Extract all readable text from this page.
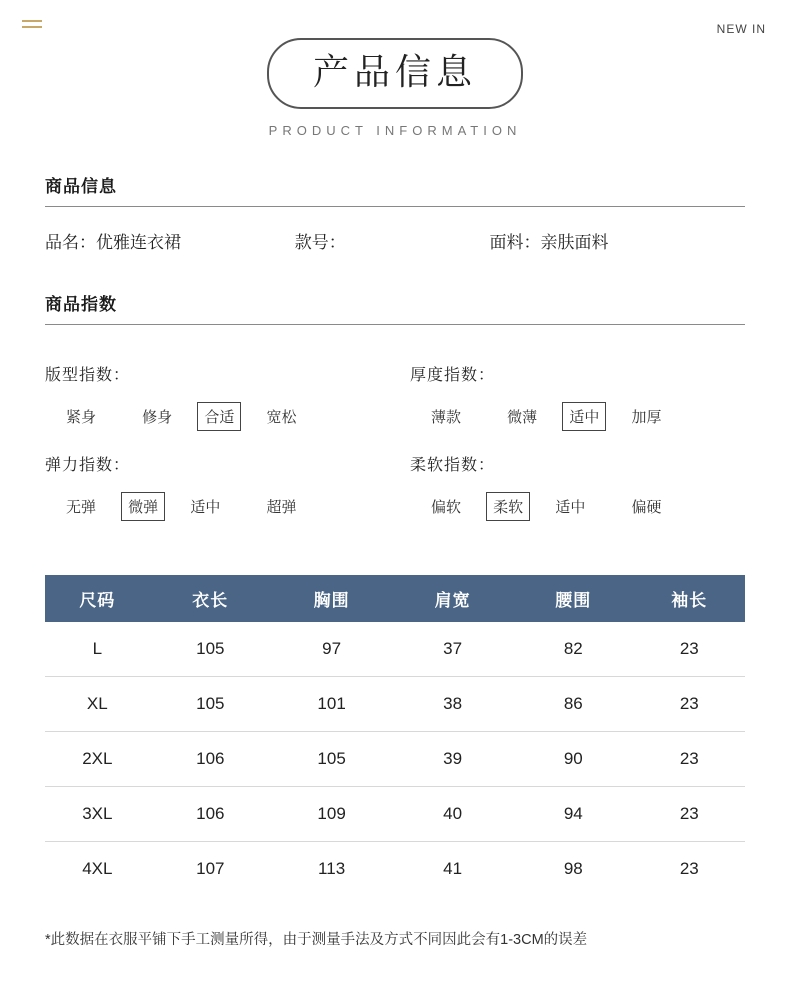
NEW IN
产品信息
PRODUCT INFORMATION
商品信息
品名：优雅连衣裙	款号：	面料：亲肤面料
商品指数
版型指数：
紧身	修身 合适 宽松
厚度指数：
薄款	微薄 适中 加厚
弹力指数：
无弹 微弹 适中	超弹
柔软指数：
偏软 柔软 适中	偏硬
尺码	衣长	胸围	肩宽	腰围	袖长
L	105	97	37	82	23
XL	105	101	38	86	23
2XL	106	105	39	90	23
3XL	106	109	40	94	23
4XL	107	113	41	98	23
*此数据在衣服平铺下手工测量所得，由于测量手法及方式不同因此会有1-3CM的误差
